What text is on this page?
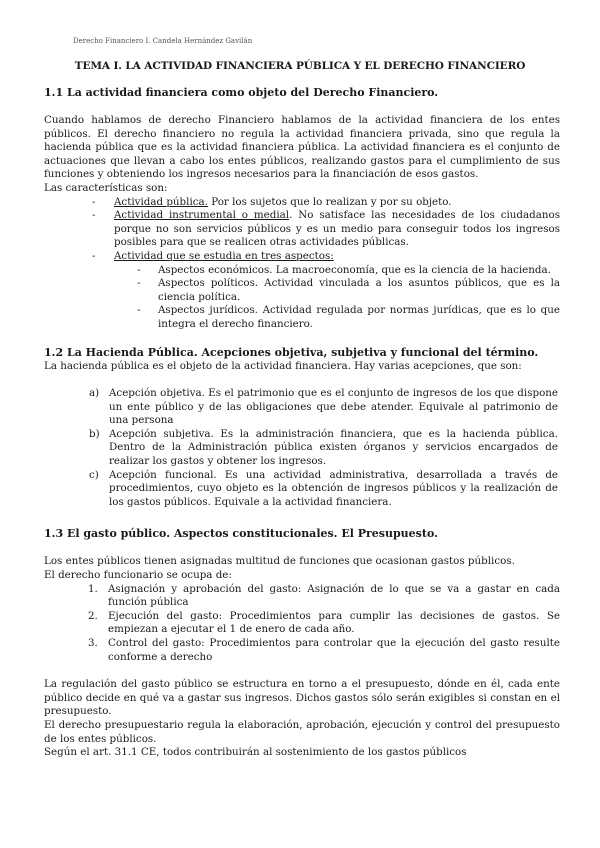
Derecho Financiero I. Candela Hernández Gavilán
TEMA I. LA ACTIVIDAD FINANCIERA PÚBLICA Y EL DERECHO FINANCIERO
1.1 La actividad financiera como objeto del Derecho Financiero.

Cuando hablamos de derecho Financiero hablamos de la actividad financiera de los entes públicos. El derecho financiero no regula la actividad financiera privada, sino que regula la hacienda pública que es la actividad financiera pública. La actividad financiera es el conjunto de actuaciones que llevan a cabo los entes públicos, realizando gastos para el cumplimiento de sus funciones y obteniendo los ingresos necesarios para la financiación de esos gastos.

Las características son:

- Actividad pública. Por los sujetos que lo realizan y por su objeto.
- Actividad instrumental o medial. No satisface las necesidades de los ciudadanos porque no son servicios públicos y es un medio para conseguir todos los ingresos posibles para que se realicen otras actividades públicas.
- Actividad que se estudia en tres aspectos:
- Aspectos económicos. La macroeconomía, que es la ciencia de la hacienda.
- Aspectos políticos. Actividad vinculada a los asuntos públicos, que es la ciencia política.
- Aspectos jurídicos. Actividad regulada por normas jurídicas, que es lo que integra el derecho financiero.
1.2 La Hacienda Pública. Acepciones objetiva, subjetiva y funcional del término.

La hacienda pública es el objeto de la actividad financiera. Hay varias acepciones, que son:

a) Acepción objetiva. Es el patrimonio que es el conjunto de ingresos de los que dispone un ente público y de las obligaciones que debe atender. Equivale al patrimonio de una persona
b) Acepción subjetiva. Es la administración financiera, que es la hacienda pública. Dentro de la Administración pública existen órganos y servicios encargados de realizar los gastos y obtener los ingresos.
c) Acepción funcional. Es una actividad administrativa, desarrollada a través de procedimientos, cuyo objeto es la obtención de ingresos públicos y la realización de los gastos públicos. Equivale a la actividad financiera.
1.3 El gasto público. Aspectos constitucionales. El Presupuesto.

Los entes públicos tienen asignadas multitud de funciones que ocasionan gastos públicos.

El derecho funcionario se ocupa de:

1. Asignación y aprobación del gasto: Asignación de lo que se va a gastar en cada función pública
2. Ejecución del gasto: Procedimientos para cumplir las decisiones de gastos. Se empiezan a ejecutar el 1 de enero de cada año.
3. Control del gasto: Procedimientos para controlar que la ejecución del gasto resulte conforme a derecho

La regulación del gasto público se estructura en torno a el presupuesto, dónde en él, cada ente público decide en qué va a gastar sus ingresos. Dichos gastos sólo serán exigibles si constan en el presupuesto.

El derecho presupuestario regula la elaboración, aprobación, ejecución y control del presupuesto de los entes públicos.

Según el art. 31.1 CE, todos contribuirán al sostenimiento de los gastos públicos
